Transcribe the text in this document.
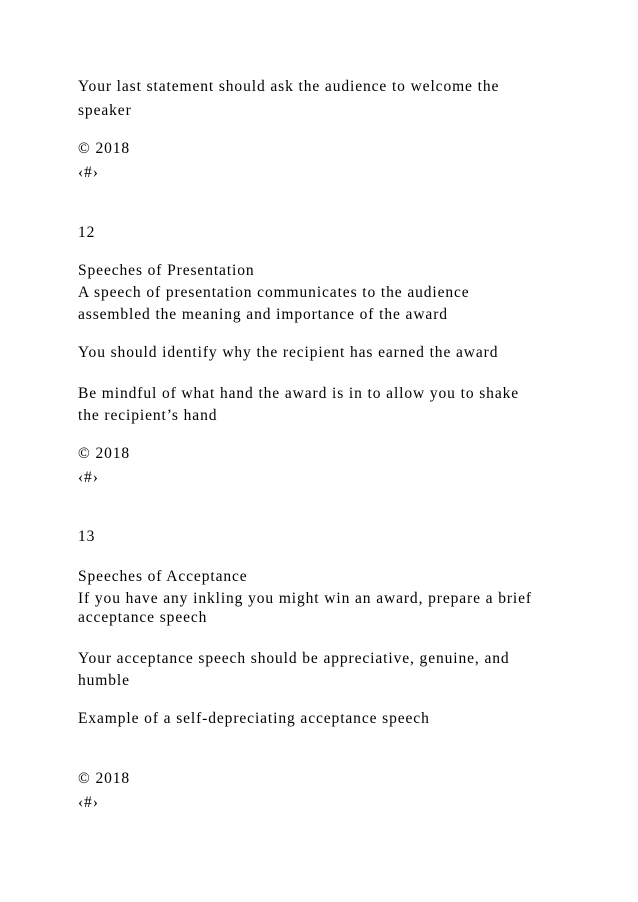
Your last statement should ask the audience to welcome the
speaker
© 2018
‹#›
12
Speeches of Presentation
A speech of presentation communicates to the audience
assembled the meaning and importance of the award
You should identify why the recipient has earned the award
Be mindful of what hand the award is in to allow you to shake
the recipient’s hand
© 2018
‹#›
13
Speeches of Acceptance
If you have any inkling you might win an award, prepare a brief
acceptance speech
Your acceptance speech should be appreciative, genuine, and
humble
Example of a self-depreciating acceptance speech
© 2018
‹#›
